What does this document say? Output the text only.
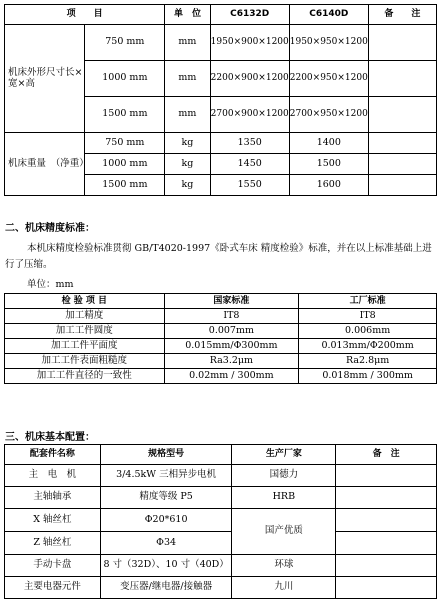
项　　目		单　位	C6132D	C6140D	备　　注
机床外形尺寸长×宽×高	750 mm	mm	1950×900×1200	1950×950×1200	
	1000 mm	mm	2200×900×1200	2200×950×1200	
	1500 mm	mm	2700×900×1200	2700×950×1200	
机床重量　（净重）	750 mm	kg	1350	1400	
	1000 mm	kg	1450	1500	
	1500 mm	kg	1550	1600	
二、机床精度标准：
本机床精度检验标准贯彻 GB/T4020-1997《卧式车床 精度检验》标准，并在以上标准基础上进行了压缩。
单位：mm
检 验 项 目	国家标准	工厂标准
加工精度	IT8	IT8
加工工件圆度	0.007mm	0.006mm
加工工件平面度	0.015mm/Φ300mm	0.013mm/Φ200mm
加工工件表面粗糙度	Ra3.2μm	Ra2.8μm
加工工件直径的一致性	0.02mm / 300mm	0.018mm / 300mm
三、机床基本配置：
配套件名称	规格型号	生产厂家	备　注
主　电　机	3/4.5kW 三相异步电机	国德力	
主轴轴承	精度等级 P5	HRB	
X 轴丝杠	Φ20*610	国产优质	
Z 轴丝杠	Φ34		
手动卡盘	8 寸（32D）、10 寸（40D）	环球	
主要电器元件	变压器/继电器/接触器	九川	
